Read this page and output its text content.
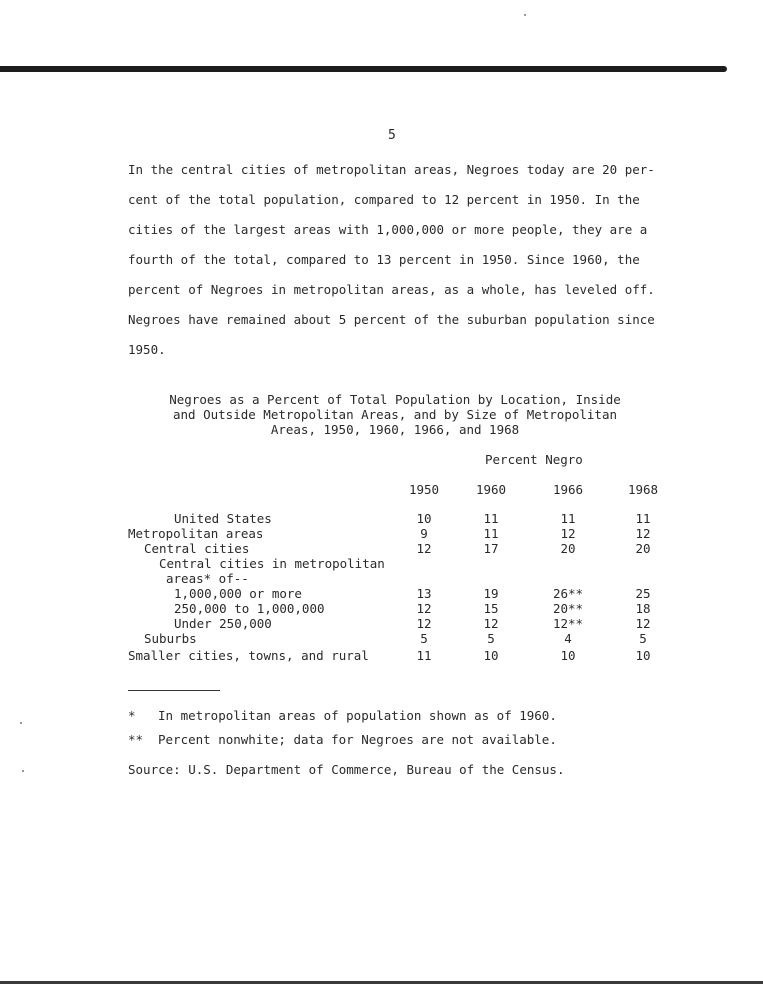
5

In the central cities of metropolitan areas, Negroes today are 20 per-
cent of the total population, compared to 12 percent in 1950. In the
cities of the largest areas with 1,000,000 or more people, they are a
fourth of the total, compared to 13 percent in 1950. Since 1960, the
percent of Negroes in metropolitan areas, as a whole, has leveled off.
Negroes have remained about 5 percent of the suburban population since
1950.

Negroes as a Percent of Total Population by Location, Inside
and Outside Metropolitan Areas, and by Size of Metropolitan
Areas, 1950, 1960, 1966, and 1968

Percent Negro
1950	1960	1966	1968
United States	10	11	11	11
Metropolitan areas	9	11	12	12
Central cities	12	17	20	20
Central cities in metropolitan
areas* of--
1,000,000 or more	13	19	26**	25
250,000 to 1,000,000	12	15	20**	18
Under 250,000	12	12	12**	12
Suburbs	5	5	4	5
Smaller cities, towns, and rural	11	10	10	10
* In metropolitan areas of population shown as of 1960.
** Percent nonwhite; data for Negroes are not available.
Source: U.S. Department of Commerce, Bureau of the Census.
